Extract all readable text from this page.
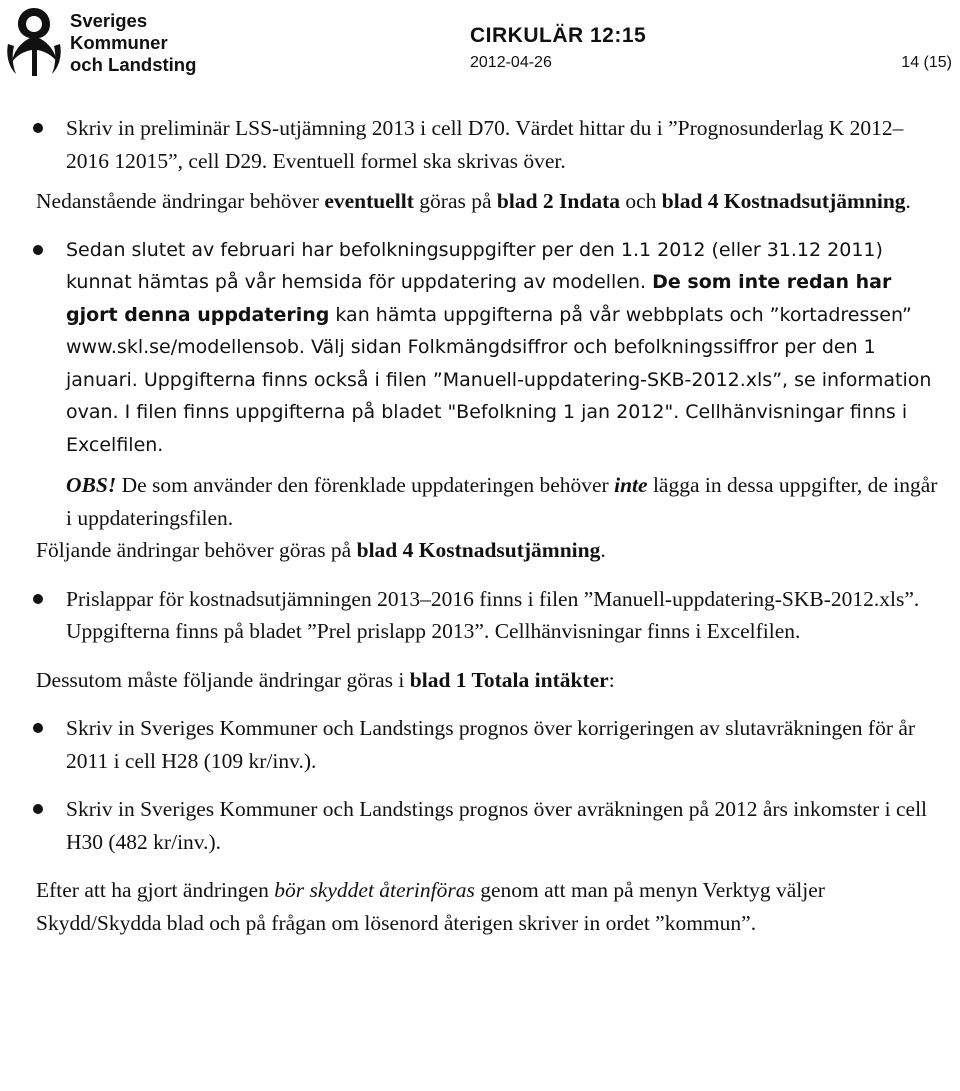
Sveriges
Kommuner
och Landsting
CIRKULÄR 12:15
2012-04-26	14 (15)

Skriv in preliminär LSS-utjämning 2013 i cell D70. Värdet hittar du i ”Prognosunderlag K 2012–2016 12015”, cell D29. Eventuell formel ska skrivas över.

Nedanstående ändringar behöver eventuellt göras på blad 2 Indata och blad 4 Kostnadsutjämning.

Sedan slutet av februari har befolkningsuppgifter per den 1.1 2012 (eller 31.12 2011) kunnat hämtas på vår hemsida för uppdatering av modellen. De som inte redan har gjort denna uppdatering kan hämta uppgifterna på vår webbplats och ”kortadressen” www.skl.se/modellensob. Välj sidan Folkmängdsiffror och befolkningssiffror per den 1 januari. Uppgifterna finns också i filen ”Manuell-uppdatering-SKB-2012.xls”, se information ovan. I filen finns uppgifterna på bladet "Befolkning 1 jan 2012". Cellhänvisningar finns i Excelfilen.

OBS! De som använder den förenklade uppdateringen behöver inte lägga in dessa uppgifter, de ingår i uppdateringsfilen.

Följande ändringar behöver göras på blad 4 Kostnadsutjämning.

Prislappar för kostnadsutjämningen 2013–2016 finns i filen ”Manuell-uppdatering-SKB-2012.xls”. Uppgifterna finns på bladet ”Prel prislapp 2013”. Cellhänvisningar finns i Excelfilen.

Dessutom måste följande ändringar göras i blad 1 Totala intäkter:

Skriv in Sveriges Kommuner och Landstings prognos över korrigeringen av slutavräkningen för år 2011 i cell H28 (109 kr/inv.).

Skriv in Sveriges Kommuner och Landstings prognos över avräkningen på 2012 års inkomster i cell H30 (482 kr/inv.).

Efter att ha gjort ändringen bör skyddet återinföras genom att man på menyn Verktyg väljer Skydd/Skydda blad och på frågan om lösenord återigen skriver in ordet ”kommun”.
